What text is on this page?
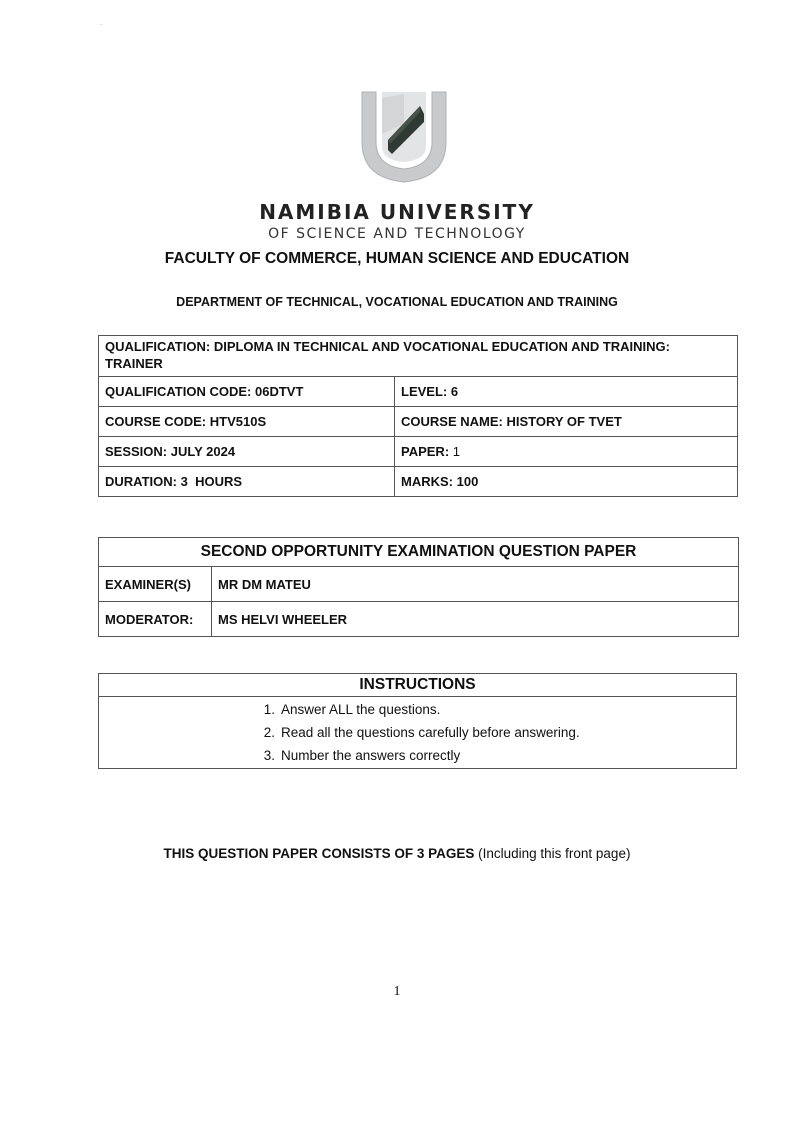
.
NAMIBIA UNIVERSITY
OF SCIENCE AND TECHNOLOGY
FACULTY OF COMMERCE, HUMAN SCIENCE AND EDUCATION
DEPARTMENT OF TECHNICAL, VOCATIONAL EDUCATION AND TRAINING
QUALIFICATION: DIPLOMA IN TECHNICAL AND VOCATIONAL EDUCATION AND TRAINING: TRAINER	
QUALIFICATION CODE: 06DTVT	LEVEL: 6
COURSE CODE: HTV510S	COURSE NAME: HISTORY OF TVET
SESSION: JULY 2024	PAPER: 1
DURATION: 3  HOURS	MARKS: 100
SECOND OPPORTUNITY EXAMINATION QUESTION PAPER	
EXAMINER(S)	MR DM MATEU
MODERATOR:	MS HELVI WHEELER
INSTRUCTIONS

1. Answer ALL the questions.
2. Read all the questions carefully before answering.
3. Number the answers correctly
THIS QUESTION PAPER CONSISTS OF 3 PAGES (Including this front page)
1
